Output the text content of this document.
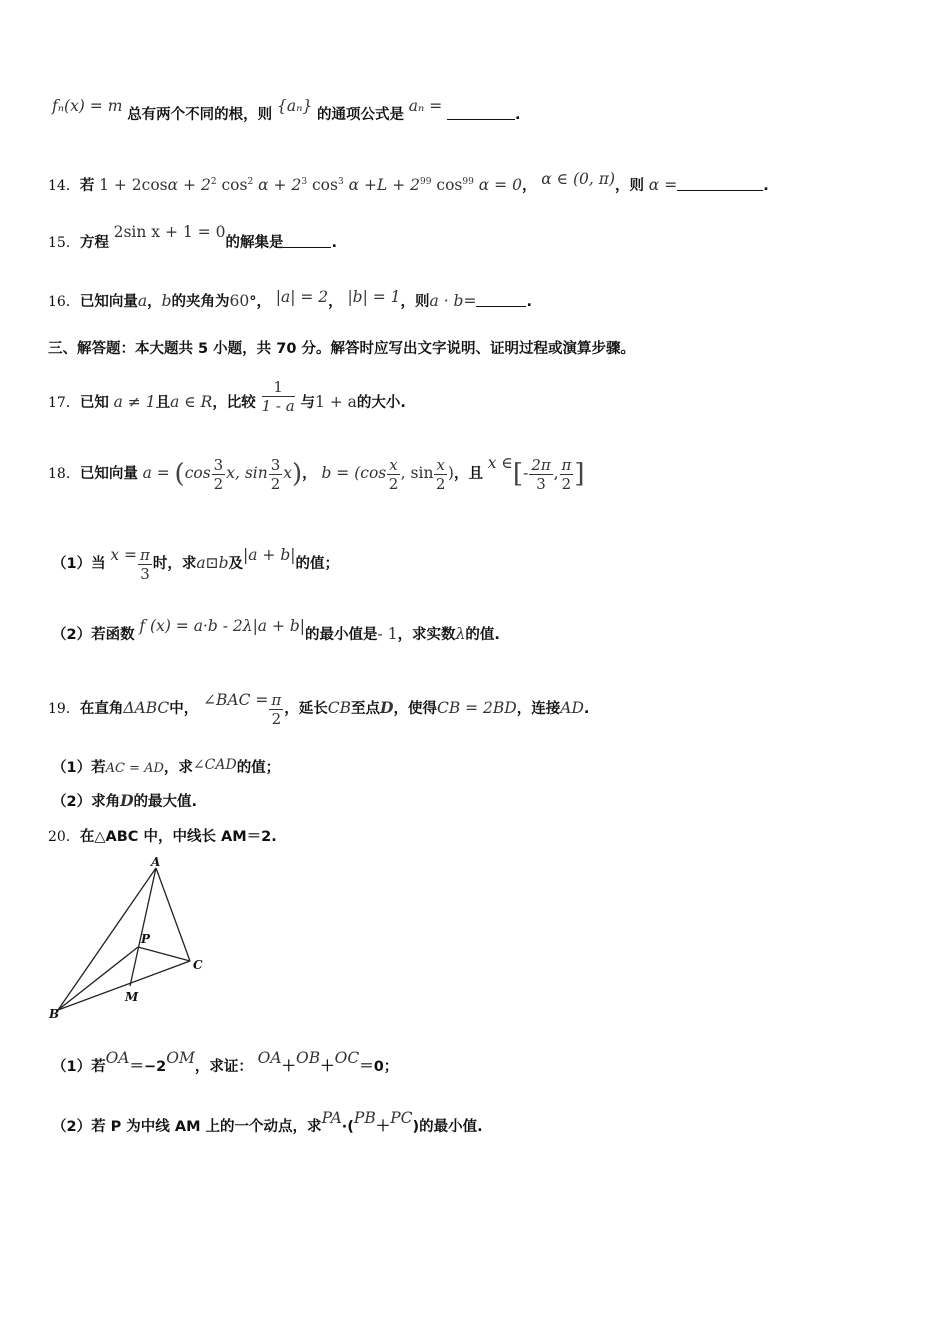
fₙ(x) = m 总有两个不同的根，则 {aₙ} 的通项公式是 aₙ =	.
14．若 $1 + 2\cos\alpha + 2^2$ $\cos^2 \alpha + 2^3$ $\cos^3 \alpha +L + 2^{99}$ $\cos^{99} \alpha = 0$， α ∈ (0, π)，则 α =	.
15．方程 2sin x + 1 = 0的解集是	.
16．已知向量a，b的夹角为60°， |a| = 2， |b| = 1，则a · b=	.
三、解答题：本大题共 5 小题，共 70 分。解答时应写出文字说明、证明过程或演算步骤。
17．已知 a ≠ 1且a ∈ R，比较 $\frac{1}{1 - a}$ 与1 + a的大小.
18．已知向量 $a = (\cos \frac{3}{2} x$, $\sin \frac{3}{2} x$)， $b = (\cos \frac{x}{2}$ , $\sin \frac{x}{2}$ )，且 x ∈[- $\frac{2\pi}{3}$ , $\frac{\pi}{2}$ ]
（1）当 $x = \frac{\pi}{3}$ 时，求a⊡b及|a + b|的值；
（2）若函数 f (x) = a·b - 2λ|a + b|的最小值是- 1，求实数λ的值.
19．在直角ΔABC中， ∠BAC = $\frac{\pi}{2}$ ，延长CB至点D，使得CB = 2BD，连接AD.
（1）若AC = AD，求∠CAD的值；
（2）求角D的最大值.
20．在△ABC 中，中线长 AM＝2.
A
B
C
P
M
（1）若OA＝−2OM，求证： OA＋OB＋OC＝0；
（2）若 P 为中线 AM 上的一个动点，求PA·(PB＋PC)的最小值.
